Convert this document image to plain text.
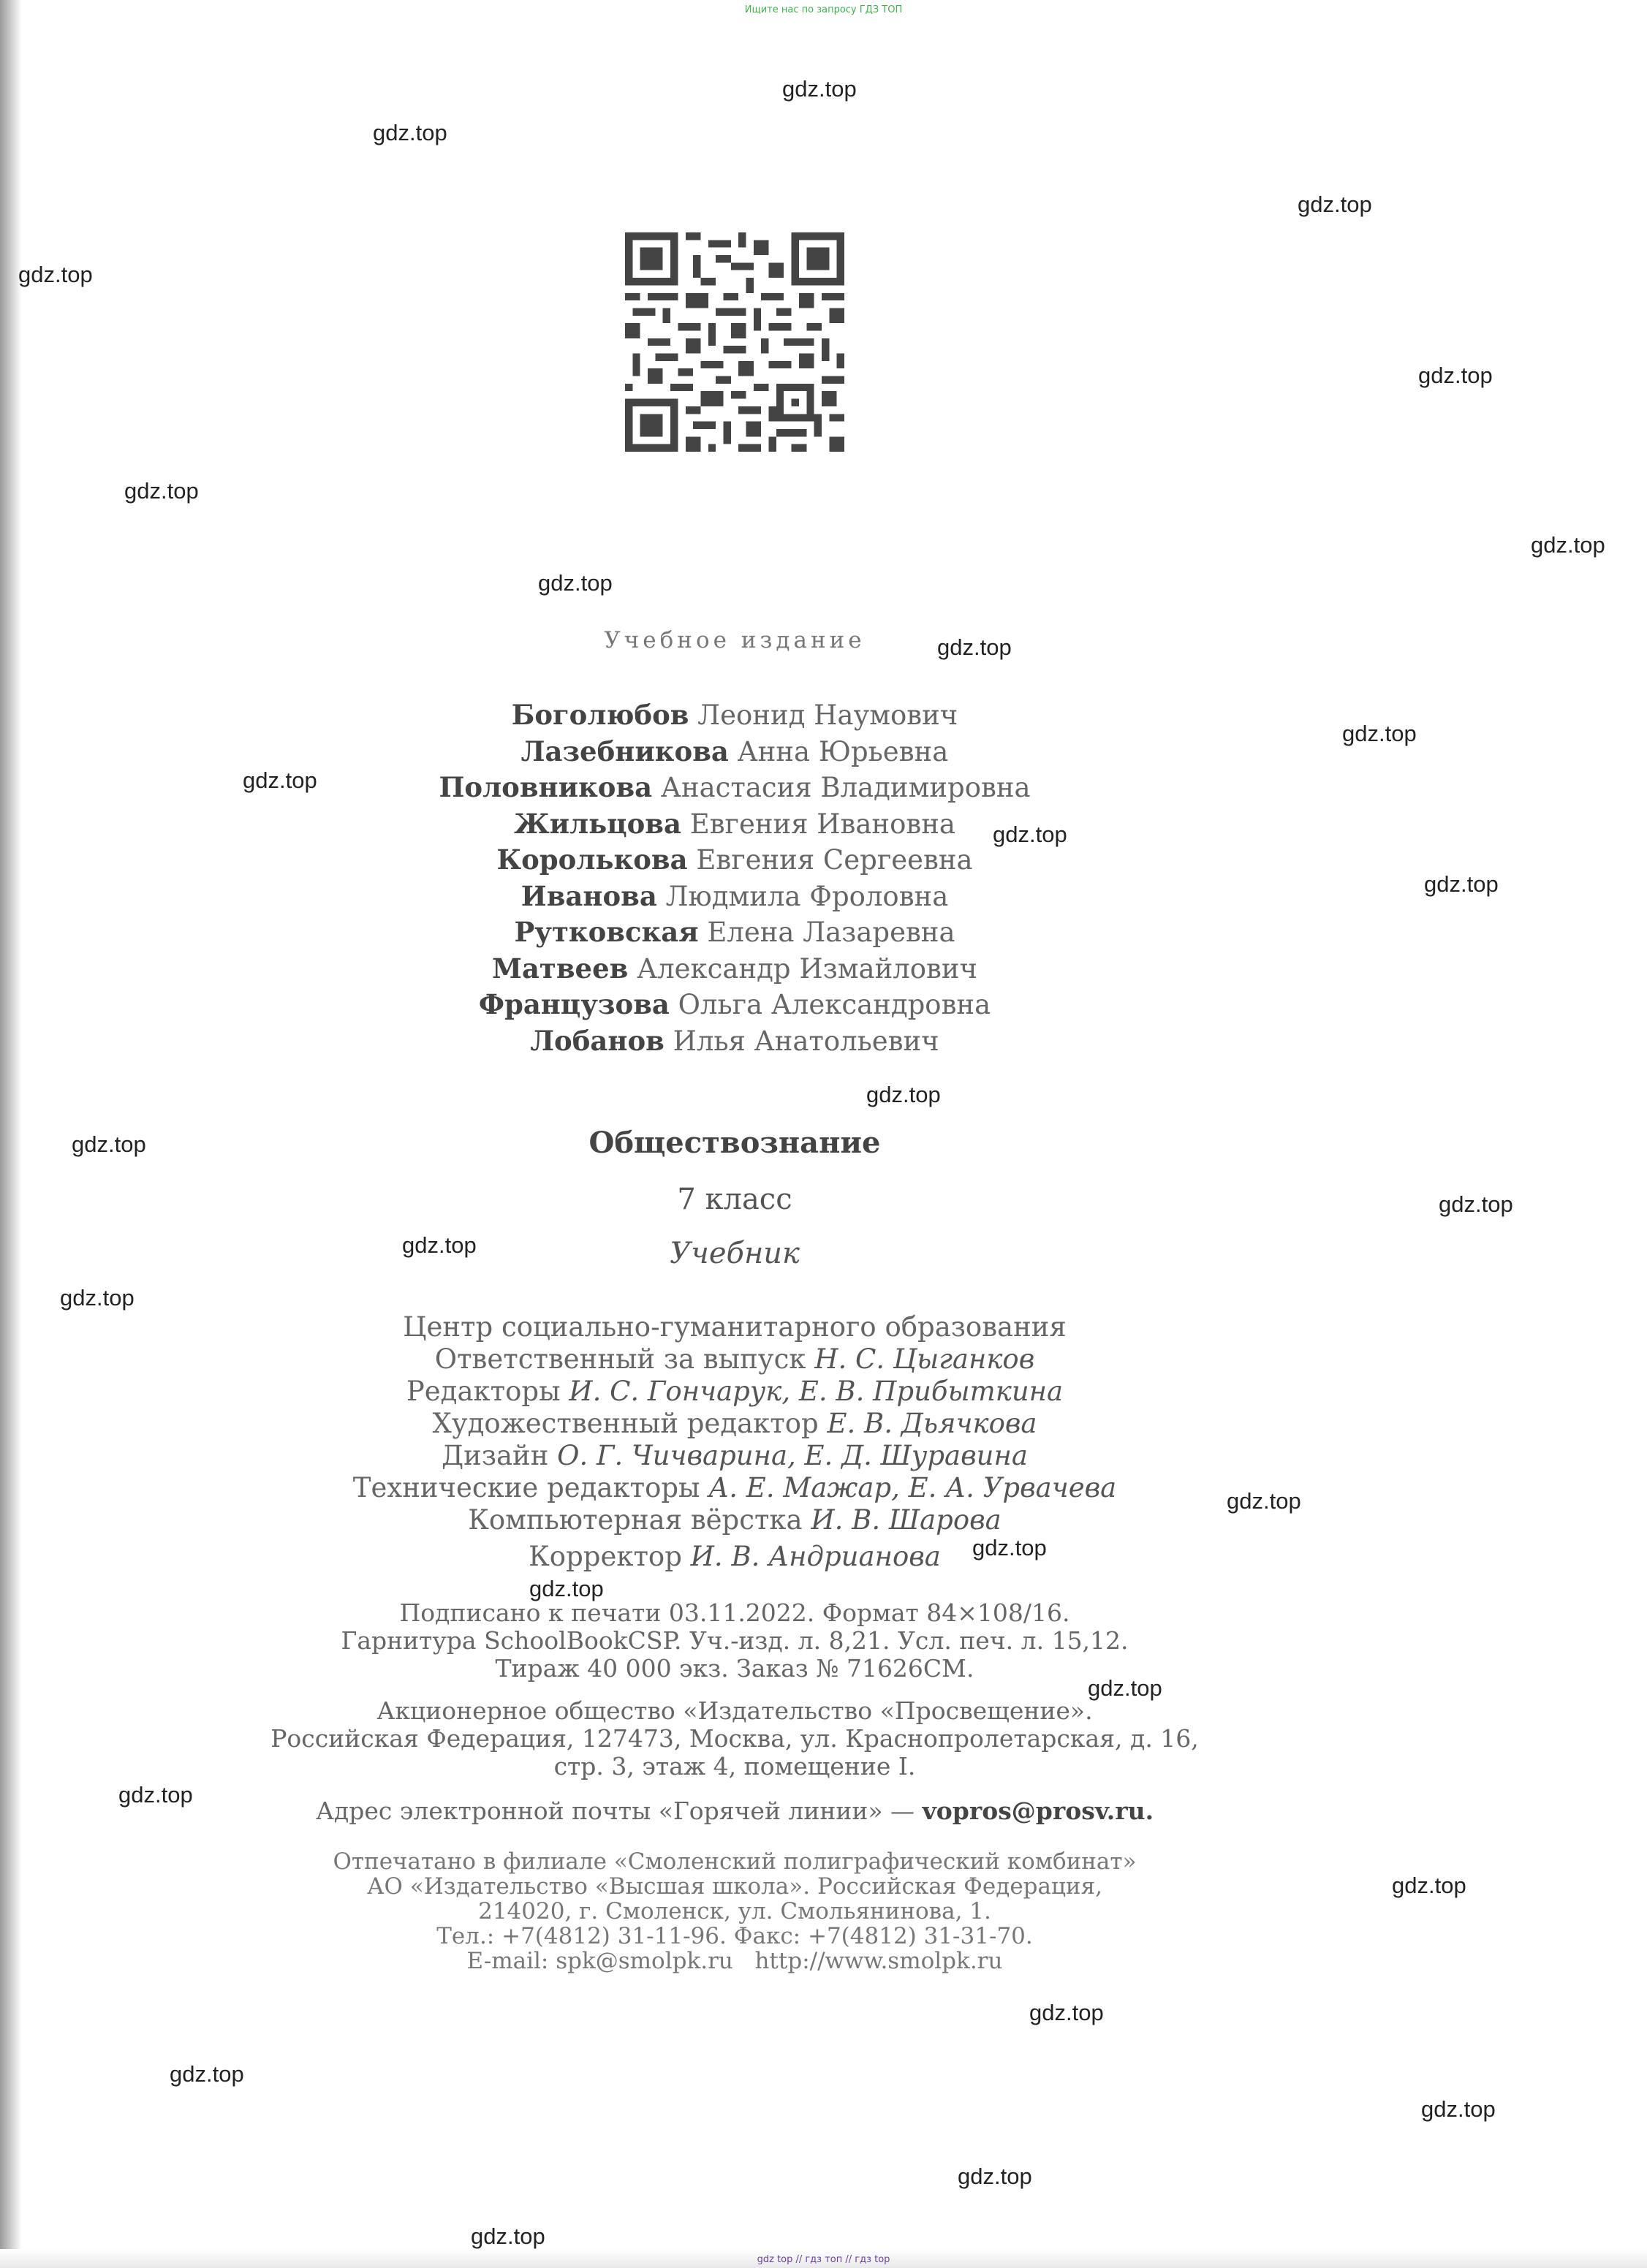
Ищите нас по запросу ГДЗ ТОП
gdz.top
gdz.top
gdz.top
gdz.top
gdz.top
gdz.top
gdz.top
gdz.top
gdz.top
gdz.top
gdz.top
gdz.top
gdz.top
gdz.top
gdz.top
gdz.top
gdz.top
gdz.top
gdz.top
gdz.top
gdz.top
gdz.top
gdz.top
gdz.top
gdz.top
gdz.top
gdz.top
gdz.top
gdz.top
Учебное издание
Боголюбов Леонид Наумович
Лазебникова Анна Юрьевна
Половникова Анастасия Владимировна
Жильцова Евгения Ивановна
Королькова Евгения Сергеевна
Иванова Людмила Фроловна
Рутковская Елена Лазаревна
Матвеев Александр Измайлович
Французова Ольга Александровна
Лобанов Илья Анатольевич
Обществознание
7 класс
Учебник
Центр социально-гуманитарного образования
Ответственный за выпуск Н. С. Цыганков
Редакторы И. С. Гончарук, Е. В. Прибыткина
Художественный редактор Е. В. Дьячкова
Дизайн О. Г. Чичварина, Е. Д. Шуравина
Технические редакторы А. Е. Мажар, Е. А. Урвачева
Компьютерная вёрстка И. В. Шарова
Корректор И. В. Андрианова
Подписано к печати 03.11.2022. Формат 84×108/16.
Гарнитура SchoolBookCSP. Уч.-изд. л. 8,21. Усл. печ. л. 15,12.
Тираж 40 000 экз. Заказ № 71626СМ.
Акционерное общество «Издательство «Просвещение».
Российская Федерация, 127473, Москва, ул. Краснопролетарская, д. 16,
стр. 3, этаж 4, помещение I.
Адрес электронной почты «Горячей линии» — vopros@prosv.ru.
Отпечатано в филиале «Смоленский полиграфический комбинат»
АО «Издательство «Высшая школа». Российская Федерация,
214020, г. Смоленск, ул. Смольянинова, 1.
Тел.: +7(4812) 31-11-96. Факс: +7(4812) 31-31-70.
E-mail: spk@smolpk.ru   http://www.smolpk.ru
gdz top // гдз топ // гдз top
